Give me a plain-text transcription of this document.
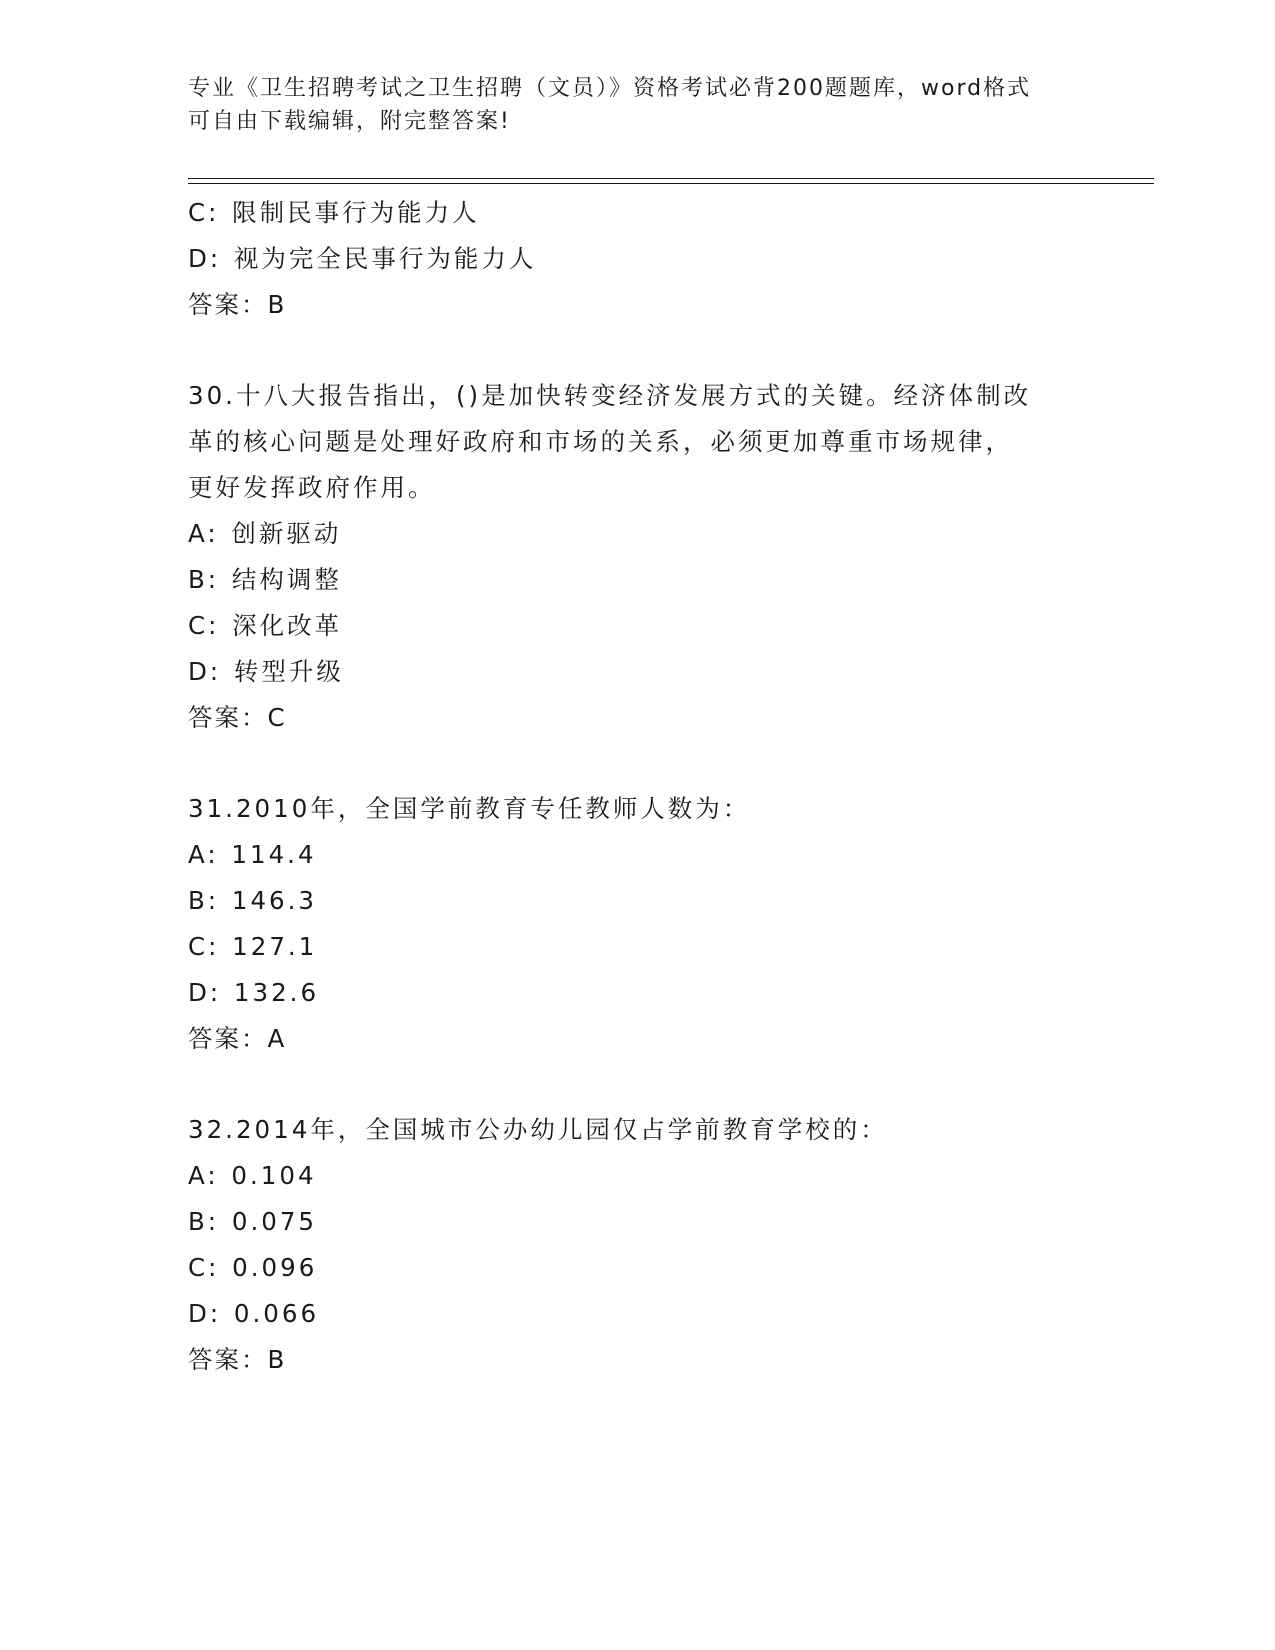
专业《卫生招聘考试之卫生招聘（文员）》资格考试必背200题题库，word格式
可自由下载编辑，附完整答案!
C: 限制民事行为能力人
D: 视为完全民事行为能力人
答案：B
30.十八大报告指出，()是加快转变经济发展方式的关键。经济体制改
革的核心问题是处理好政府和市场的关系，必须更加尊重市场规律，
更好发挥政府作用。
A: 创新驱动
B: 结构调整
C: 深化改革
D: 转型升级
答案：C
31.2010年，全国学前教育专任教师人数为：
A: 114.4
B: 146.3
C: 127.1
D: 132.6
答案：A
32.2014年，全国城市公办幼儿园仅占学前教育学校的：
A: 0.104
B: 0.075
C: 0.096
D: 0.066
答案：B
